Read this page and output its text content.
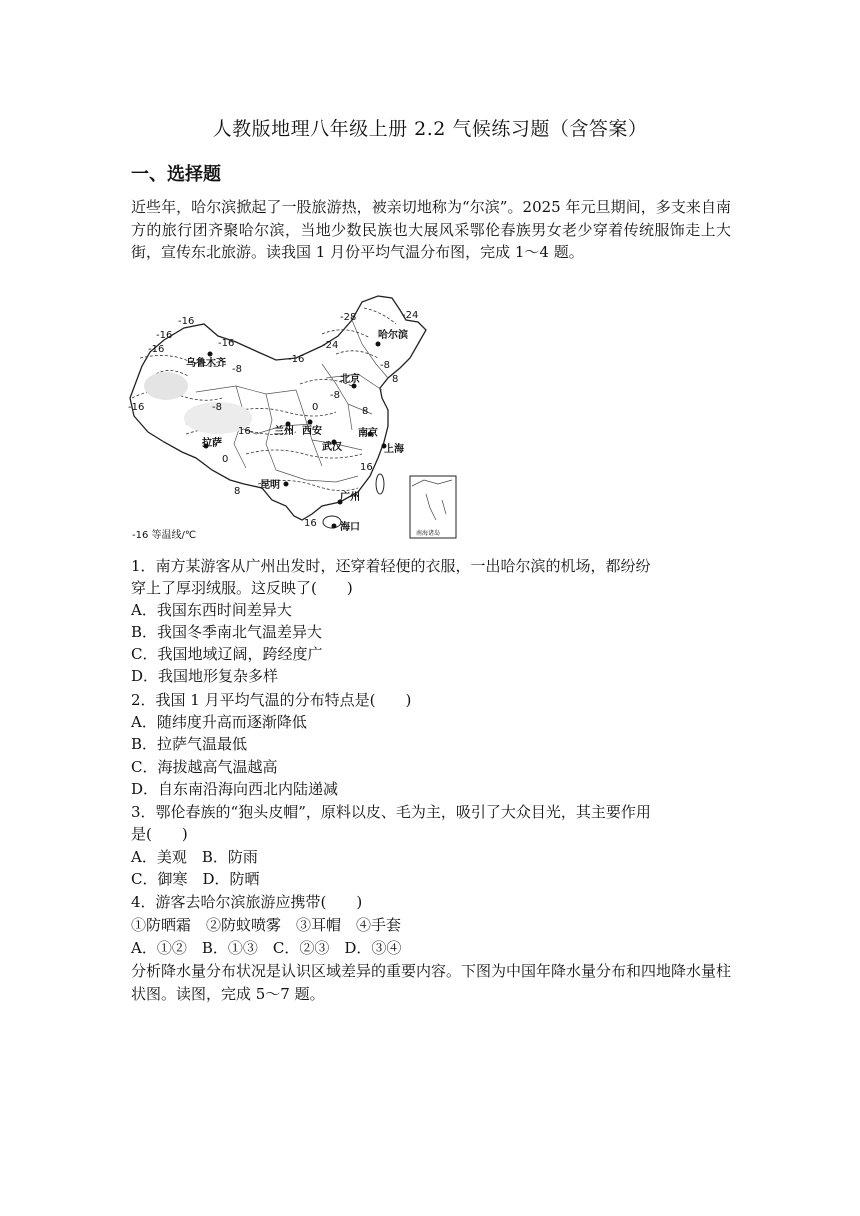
人教版地理八年级上册 2.2 气候练习题（含答案）
一、选择题
近些年，哈尔滨掀起了一股旅游热，被亲切地称为“尔滨”。2025 年元旦期间，多支来自南方的旅行团齐聚哈尔滨，当地少数民族也大展风采鄂伦春族男女老少穿着传统服饰走上大街，宣传东北旅游。读我国 1 月份平均气温分布图，完成 1～4 题。
南海诸岛
乌鲁木齐
哈尔滨
北京
兰州 西安
武汉
南京
上海
拉萨
昆明
广州
海口
-16
-16
-16
-16
-16
-28	-24
-24
-16
-8
-8
-8
0
0
-8
8
16
8
16
8
16
-16 等温线/℃
1．南方某游客从广州出发时，还穿着轻便的衣服，一出哈尔滨的机场，都纷纷
穿上了厚羽绒服。这反映了(　　)
A．我国东西时间差异大
B．我国冬季南北气温差异大
C．我国地域辽阔，跨经度广
D．我国地形复杂多样
2．我国 1 月平均气温的分布特点是(　　)
A．随纬度升高而逐渐降低
B．拉萨气温最低
C．海拔越高气温越高
D．自东南沿海向西北内陆递减
3．鄂伦春族的“狍头皮帽”，原料以皮、毛为主，吸引了大众目光，其主要作用
是(　　)
A．美观　B．防雨
C．御寒　D．防晒
4．游客去哈尔滨旅游应携带(　　)
①防晒霜　②防蚊喷雾　③耳帽　④手套
A．①②　B．①③　C．②③　D．③④
分析降水量分布状况是认识区域差异的重要内容。下图为中国年降水量分布和四地降水量柱状图。读图，完成 5～7 题。
